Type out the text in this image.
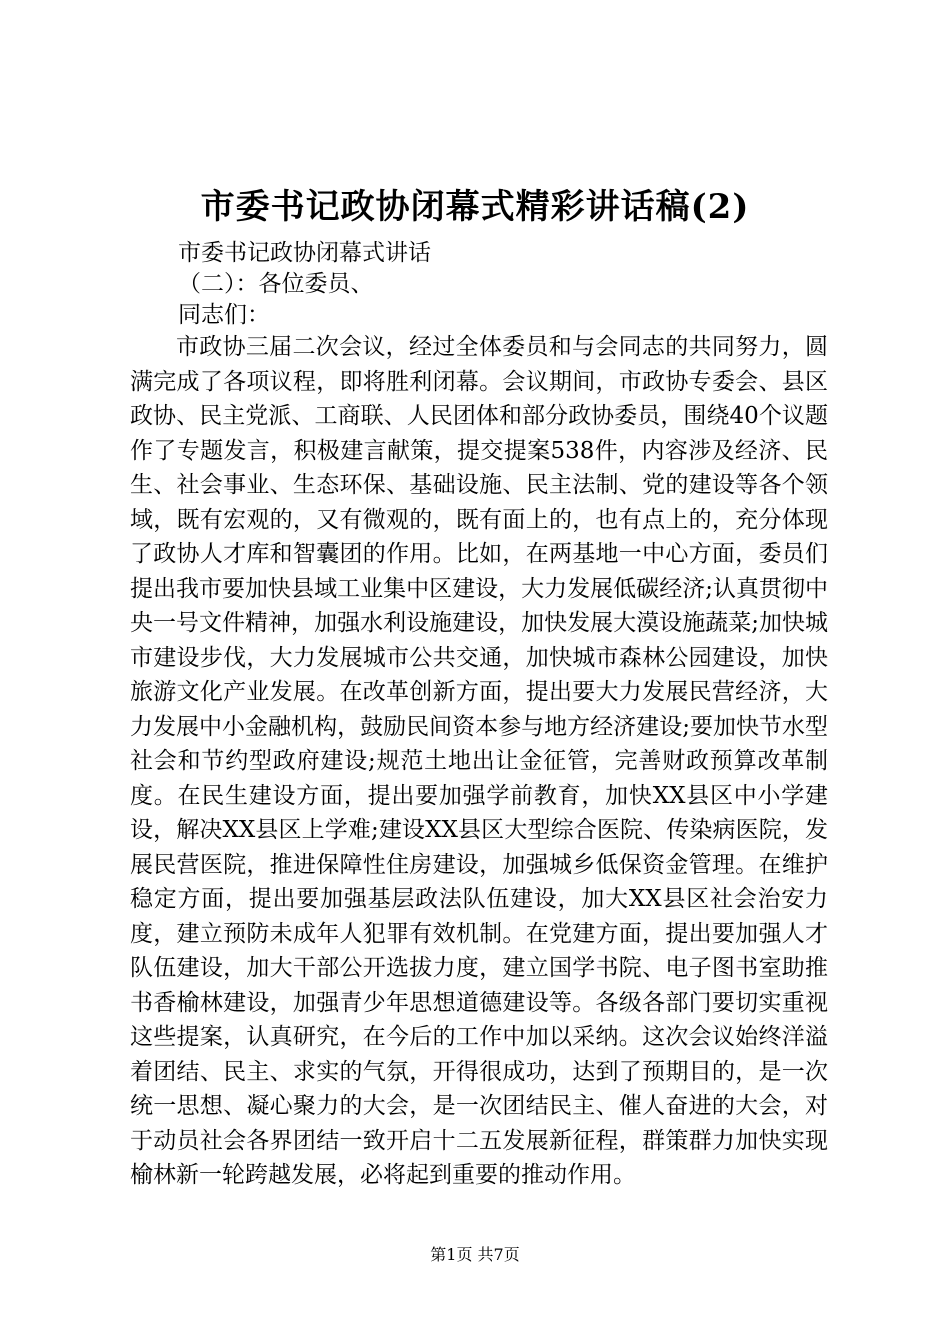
市委书记政协闭幕式精彩讲话稿(2)
市委书记政协闭幕式讲话
（二）：各位委员、
同志们：
市政协三届二次会议，经过全体委员和与会同志的共同努力，圆满完成了各项议程，即将胜利闭幕。会议期间，市政协专委会、县区政协、民主党派、工商联、人民团体和部分政协委员，围绕40个议题作了专题发言，积极建言献策，提交提案538件，内容涉及经济、民生、社会事业、生态环保、基础设施、民主法制、党的建设等各个领域，既有宏观的，又有微观的，既有面上的，也有点上的，充分体现了政协人才库和智囊团的作用。比如，在两基地一中心方面，委员们提出我市要加快县域工业集中区建设，大力发展低碳经济;认真贯彻中央一号文件精神，加强水利设施建设，加快发展大漠设施蔬菜;加快城市建设步伐，大力发展城市公共交通，加快城市森林公园建设，加快旅游文化产业发展。在改革创新方面，提出要大力发展民营经济，大力发展中小金融机构，鼓励民间资本参与地方经济建设;要加快节水型社会和节约型政府建设;规范土地出让金征管，完善财政预算改革制度。在民生建设方面，提出要加强学前教育，加快XX县区中小学建设，解决XX县区上学难;建设XX县区大型综合医院、传染病医院，发展民营医院，推进保障性住房建设，加强城乡低保资金管理。在维护稳定方面，提出要加强基层政法队伍建设，加大XX县区社会治安力度，建立预防未成年人犯罪有效机制。在党建方面，提出要加强人才队伍建设，加大干部公开选拔力度，建立国学书院、电子图书室助推书香榆林建设，加强青少年思想道德建设等。各级各部门要切实重视这些提案，认真研究，在今后的工作中加以采纳。这次会议始终洋溢着团结、民主、求实的气氛，开得很成功，达到了预期目的，是一次统一思想、凝心聚力的大会，是一次团结民主、催人奋进的大会，对于动员社会各界团结一致开启十二五发展新征程，群策群力加快实现榆林新一轮跨越发展，必将起到重要的推动作用。
第1页 共7页
